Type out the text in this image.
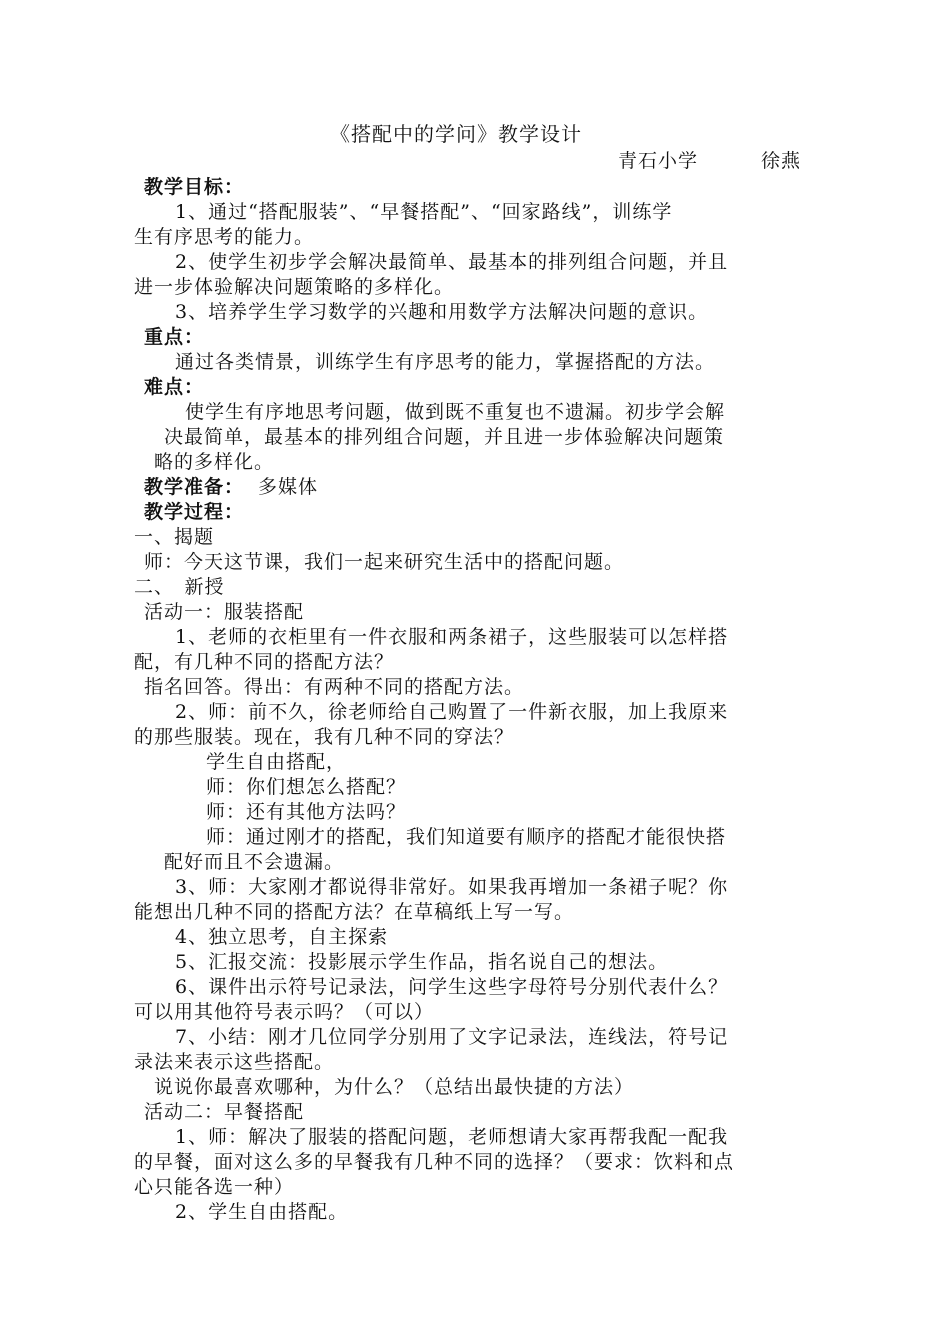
《搭配中的学问》教学设计
青石小学	徐燕
教学目标：
1、通过“搭配服装”、“早餐搭配”、“回家路线”，训练学
生有序思考的能力。
2、使学生初步学会解决最简单、最基本的排列组合问题，并且
进一步体验解决问题策略的多样化。
3、培养学生学习数学的兴趣和用数学方法解决问题的意识。
重点：
通过各类情景，训练学生有序思考的能力，掌握搭配的方法。
难点：
使学生有序地思考问题，做到既不重复也不遗漏。初步学会解
决最简单，最基本的排列组合问题，并且进一步体验解决问题策
略的多样化。
教学准备： 多媒体
教学过程：
一、揭题
师：今天这节课，我们一起来研究生活中的搭配问题。
二、　新授
活动一：服装搭配
1、老师的衣柜里有一件衣服和两条裙子，这些服装可以怎样搭
配，有几种不同的搭配方法？
指名回答。得出：有两种不同的搭配方法。
2、师：前不久，徐老师给自己购置了一件新衣服，加上我原来
的那些服装。现在，我有几种不同的穿法？
学生自由搭配，
师：你们想怎么搭配？
师：还有其他方法吗？
师：通过刚才的搭配，我们知道要有顺序的搭配才能很快搭
配好而且不会遗漏。
3、师：大家刚才都说得非常好。如果我再增加一条裙子呢？你
能想出几种不同的搭配方法？在草稿纸上写一写。
4、独立思考，自主探索
5、汇报交流：投影展示学生作品，指名说自己的想法。
6、课件出示符号记录法，问学生这些字母符号分别代表什么？
可以用其他符号表示吗？（可以）
7、小结：刚才几位同学分别用了文字记录法，连线法，符号记
录法来表示这些搭配。
说说你最喜欢哪种，为什么？（总结出最快捷的方法）
活动二：早餐搭配
1、师：解决了服装的搭配问题，老师想请大家再帮我配一配我
的早餐，面对这么多的早餐我有几种不同的选择？（要求：饮料和点
心只能各选一种）
2、学生自由搭配。
